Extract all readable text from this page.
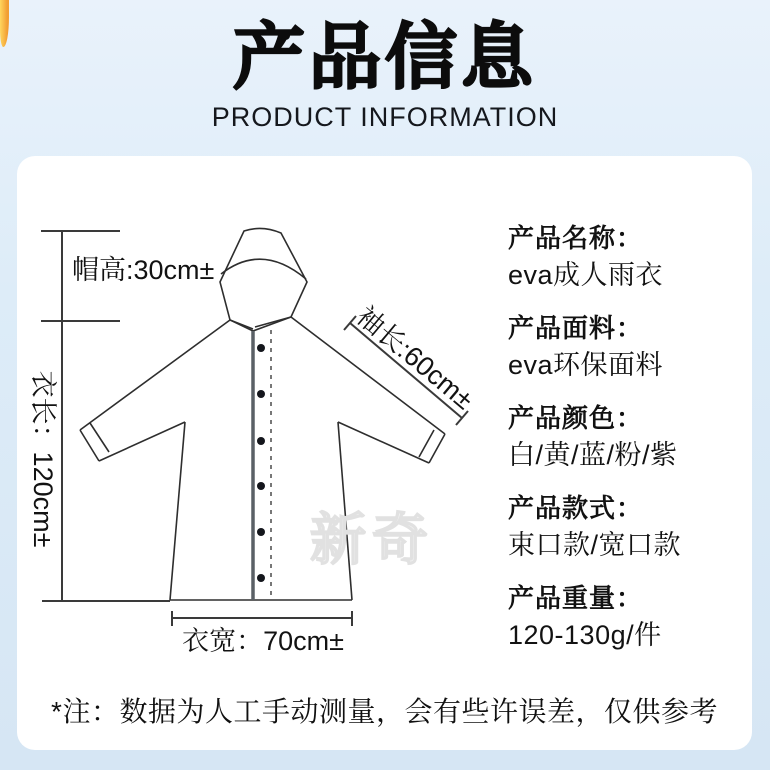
产品信息
PRODUCT INFORMATION
帽高:30cm±
衣长：120cm±
袖长:60cm±
衣宽：70cm±
新奇
产品名称：
eva成人雨衣
产品面料：
eva环保面料
产品颜色：
白/黄/蓝/粉/紫
产品款式：
束口款/宽口款
产品重量：
120-130g/件
*注：数据为人工手动测量，会有些许误差，仅供参考
